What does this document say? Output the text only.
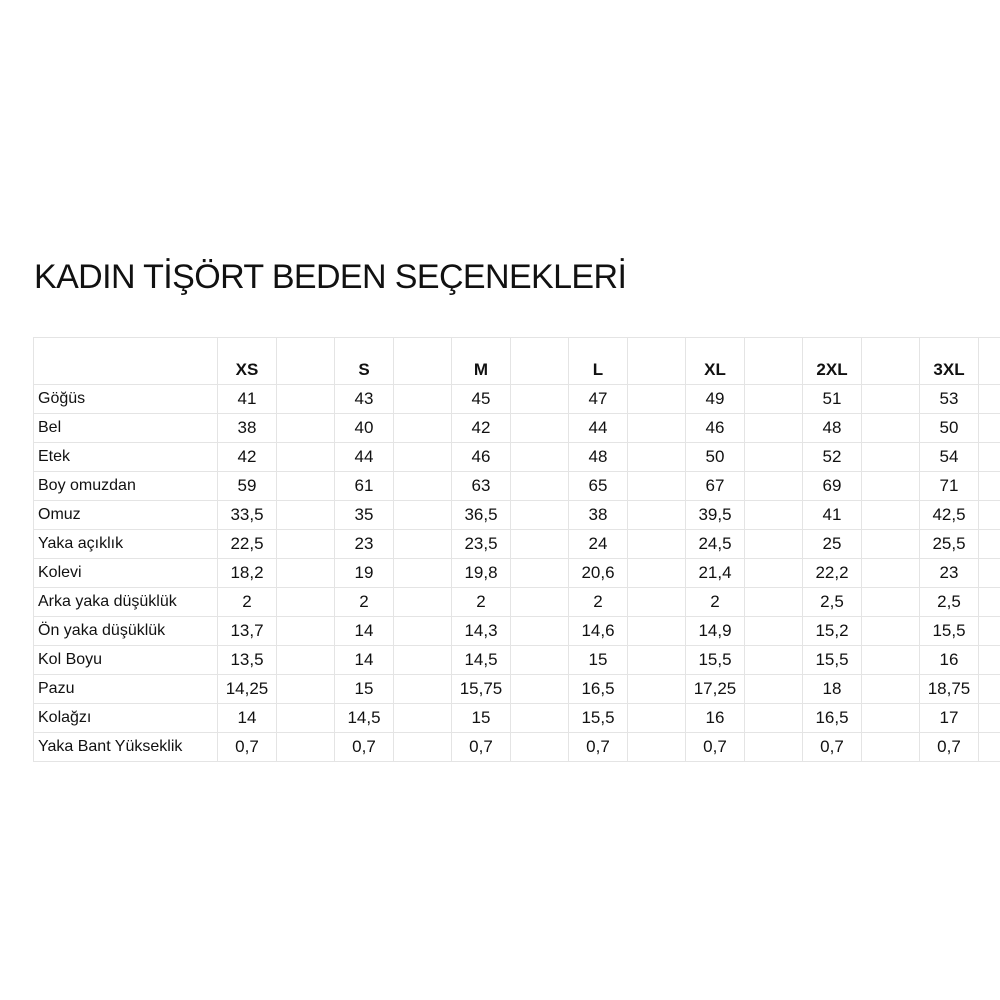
KADIN TİŞÖRT BEDEN SEÇENEKLERİ
	XS		S		M		L		XL		2XL		3XL	
Göğüs	41		43		45		47		49		51		53	
Bel	38		40		42		44		46		48		50	
Etek	42		44		46		48		50		52		54	
Boy omuzdan	59		61		63		65		67		69		71	
Omuz	33,5		35		36,5		38		39,5		41		42,5	
Yaka açıklık	22,5		23		23,5		24		24,5		25		25,5	
Kolevi	18,2		19		19,8		20,6		21,4		22,2		23	
Arka yaka düşüklük	2		2		2		2		2		2,5		2,5	
Ön yaka düşüklük	13,7		14		14,3		14,6		14,9		15,2		15,5	
Kol Boyu	13,5		14		14,5		15		15,5		15,5		16	
Pazu	14,25		15		15,75		16,5		17,25		18		18,75	
Kolağzı	14		14,5		15		15,5		16		16,5		17	
Yaka Bant Yükseklik	0,7		0,7		0,7		0,7		0,7		0,7		0,7	
